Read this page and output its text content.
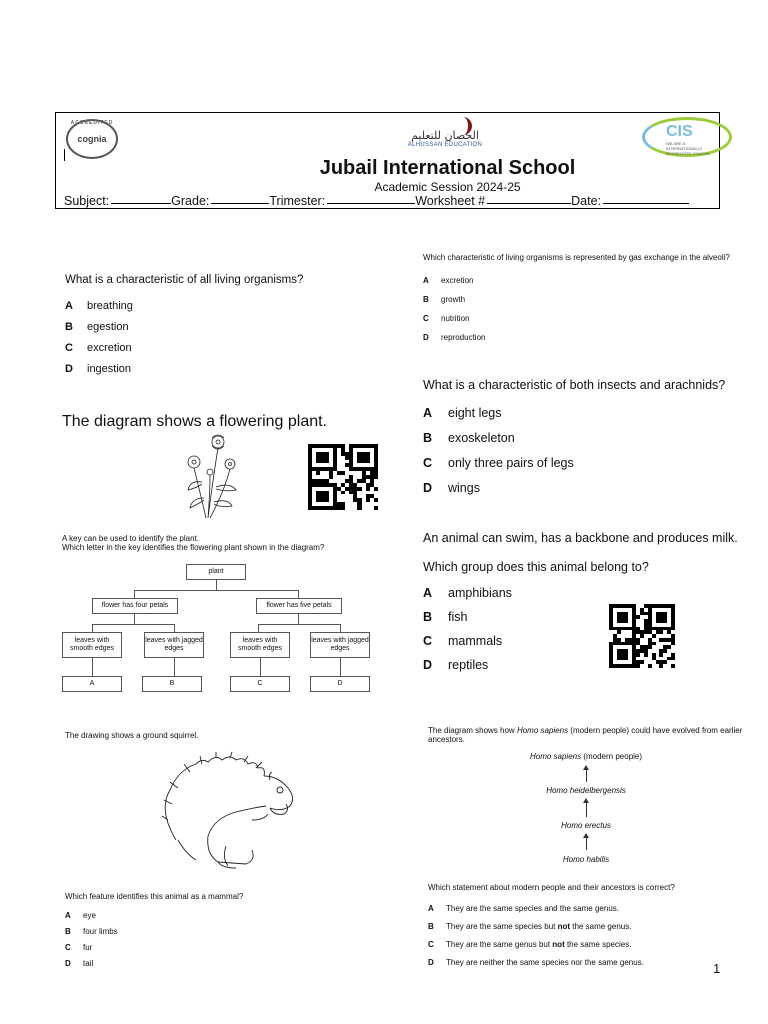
ACCREDITED
cognia	الحصان للتعليم
ALHUSSAN EDUCATION
CIS
WE ARE A INTERNATIONALLY ACCREDITED SCHOOL
Jubail International School
Academic Session 2024-25
Subject:	Grade:	Trimester:	Worksheet #	Date:
What is a characteristic of all living organisms?
A	breathing
B	egestion
C	excretion
D	ingestion
Which characteristic of living organisms is represented by gas exchange in the alveoli?
A	excretion
B	growth
C	nutrition
D	reproduction
The diagram shows a flowering plant.
A key can be used to identify the plant.
Which letter in the key identifies the flowering plant shown in the diagram?
plant
flower has four petals	flower has five petals
leaves with smooth edges
leaves with jagged edges
leaves with smooth edges
leaves with jagged edges
A	B	C	D
What is a characteristic of both insects and arachnids?
A	eight legs
B	exoskeleton
C	only three pairs of legs
D	wings
An animal can swim, has a backbone and produces milk.
Which group does this animal belong to?
A	amphibians
B	fish
C	mammals
D	reptiles
The drawing shows a ground squirrel.
Which feature identifies this animal as a mammal?
A	eye
B	four limbs
C	fur
D	tail
The diagram shows how Homo sapiens (modern people) could have evolved from earlier ancestors.
Homo sapiens (modern people)
Homo heidelbergensis
Homo erectus
Homo habilis
Which statement about modern people and their ancestors is correct?
A	They are the same species and the same genus.
B	They are the same species but not the same genus.
C	They are the same genus but not the same species.
D	They are neither the same species nor the same genus.	1
